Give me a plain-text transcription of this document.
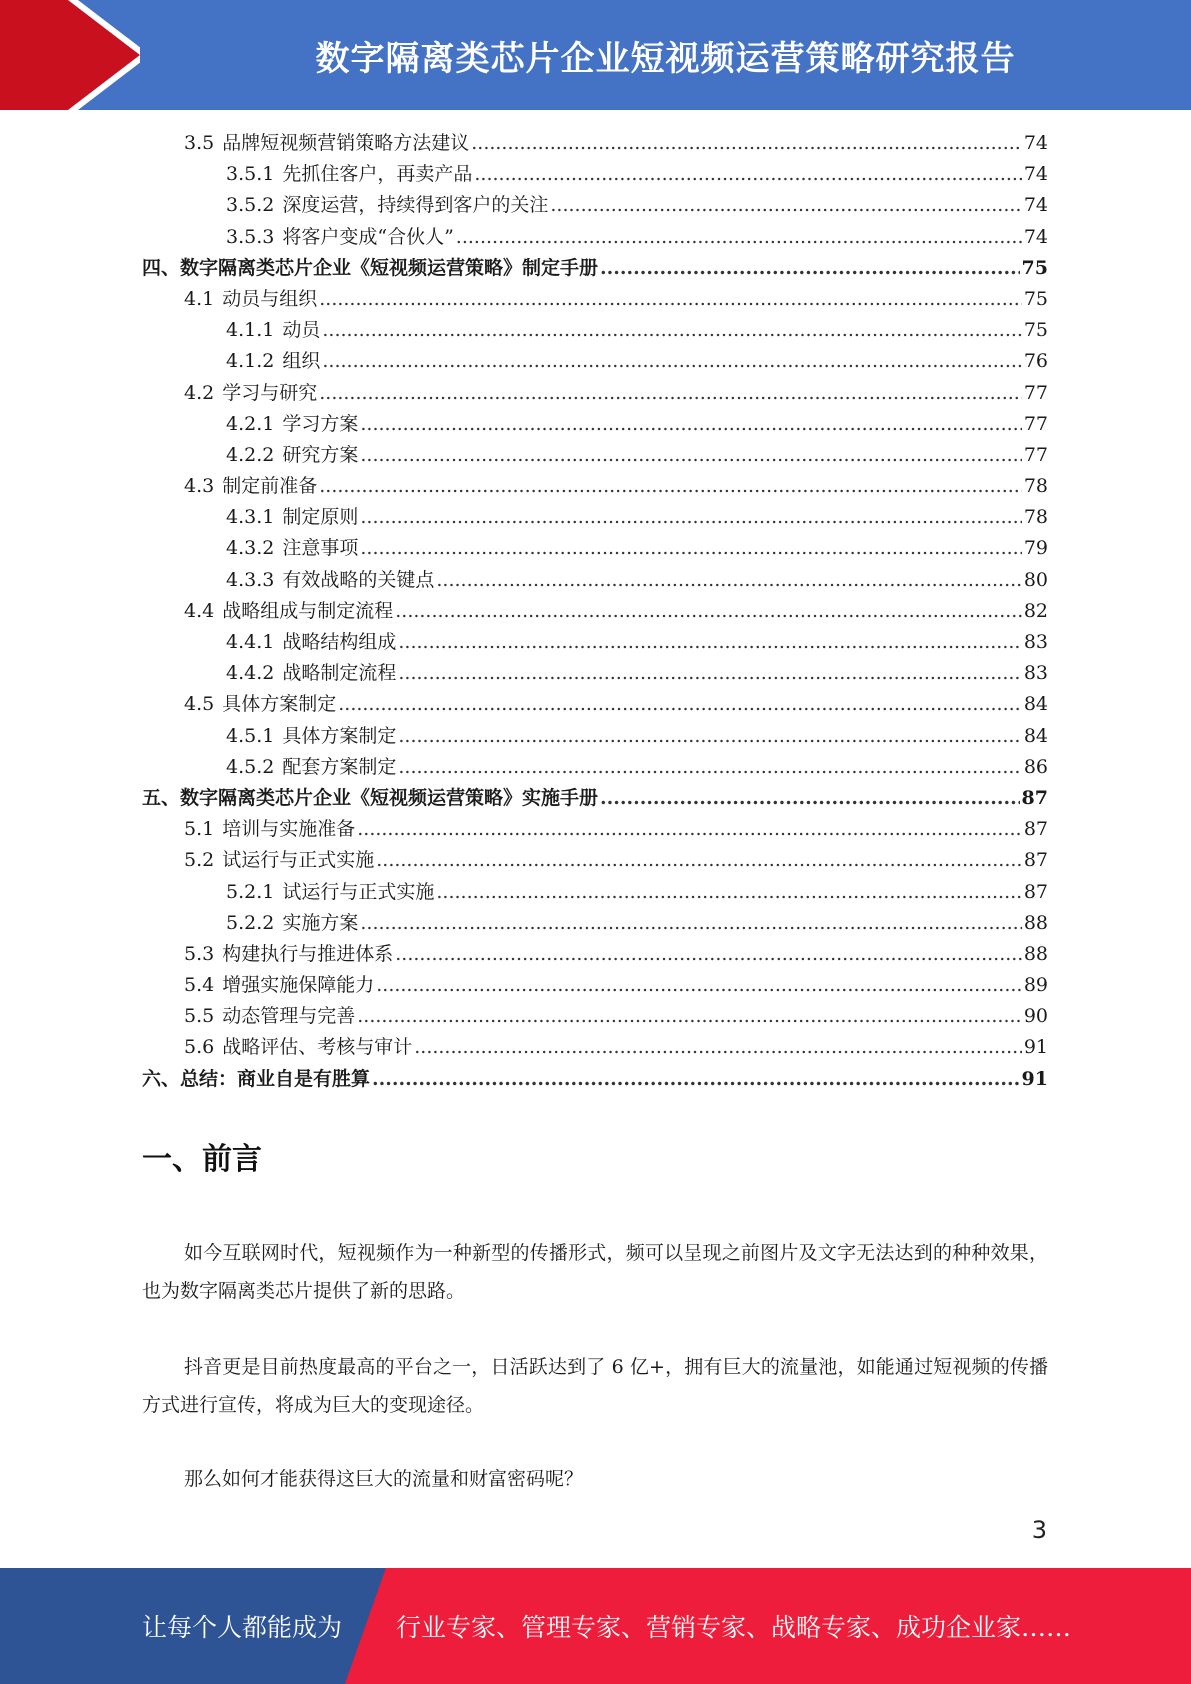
数字隔离类芯片企业短视频运营策略研究报告
3.5 品牌短视频营销策略方法建议 .....	74
3.5.1 先抓住客户，再卖产品 .....	74
3.5.2 深度运营，持续得到客户的关注 .....	74
3.5.3 将客户变成“合伙人” .....	74
四、数字隔离类芯片企业《短视频运营策略》制定手册 .....	75
4.1 动员与组织 .....	75
4.1.1 动员 .....	75
4.1.2 组织 .....	76
4.2 学习与研究 .....	77
4.2.1 学习方案 .....	77
4.2.2 研究方案 .....	77
4.3 制定前准备 .....	78
4.3.1 制定原则 .....	78
4.3.2 注意事项 .....	79
4.3.3 有效战略的关键点 .....	80
4.4 战略组成与制定流程 .....	82
4.4.1 战略结构组成 .....	83
4.4.2 战略制定流程 .....	83
4.5 具体方案制定 .....	84
4.5.1 具体方案制定 .....	84
4.5.2 配套方案制定 .....	86
五、数字隔离类芯片企业《短视频运营策略》实施手册 .....	87
5.1 培训与实施准备 .....	87
5.2 试运行与正式实施 .....	87
5.2.1 试运行与正式实施 .....	87
5.2.2 实施方案 .....	88
5.3 构建执行与推进体系 .....	88
5.4 增强实施保障能力 .....	89
5.5 动态管理与完善 .....	90
5.6 战略评估、考核与审计 .....	91
六、总结：商业自是有胜算 .....	91
一、前言
如今互联网时代，短视频作为一种新型的传播形式，频可以呈现之前图片及文字无法达到的种种效果，也为数字隔离类芯片提供了新的思路。
抖音更是目前热度最高的平台之一，日活跃达到了 6 亿+，拥有巨大的流量池，如能通过短视频的传播方式进行宣传，将成为巨大的变现途径。
那么如何才能获得这巨大的流量和财富密码呢？
3
让每个人都能成为 行业专家、管理专家、营销专家、战略专家、成功企业家……
